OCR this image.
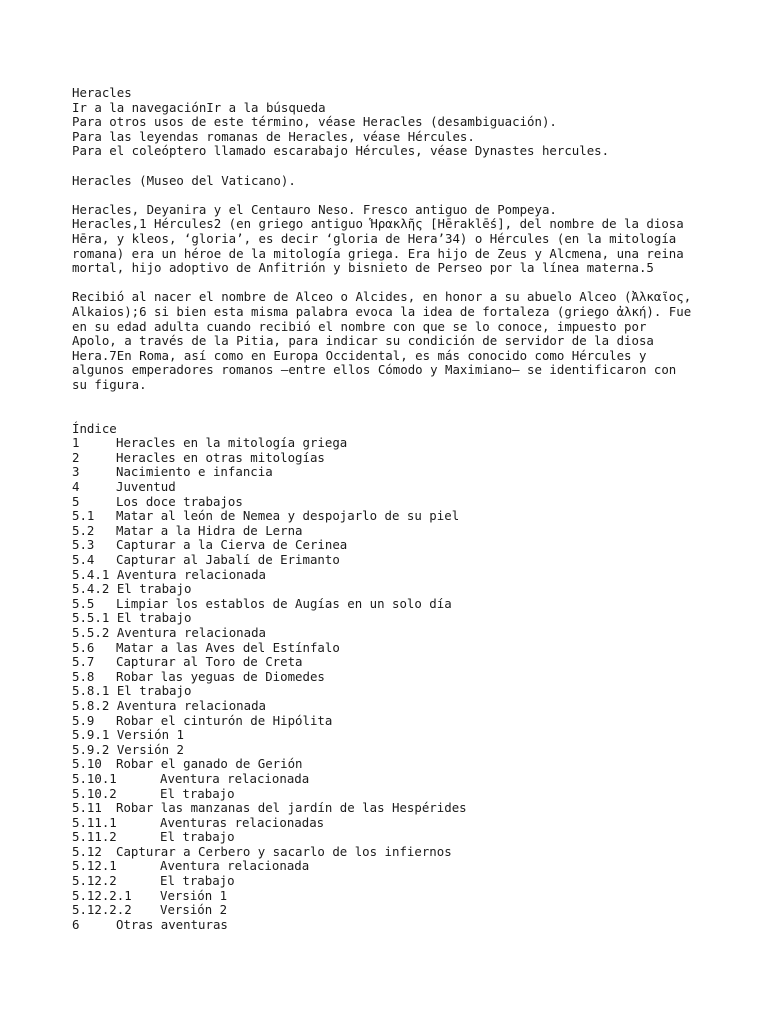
Heracles
Ir a la navegaciónIr a la búsqueda
Para otros usos de este término, véase Heracles (desambiguación).
Para las leyendas romanas de Heracles, véase Hércules.
Para el coleóptero llamado escarabajo Hércules, véase Dynastes hercules.
Heracles (Museo del Vaticano).
Heracles, Deyanira y el Centauro Neso. Fresco antiguo de Pompeya.
Heracles,1 Hércules2 (en griego antiguo Ἡρακλῆς [Hēraklḗs], del nombre de la diosa
Hēra, y kleos, ‘gloria’, es decir ‘gloria de Hera’34) o Hércules (en la mitología
romana) era un héroe de la mitología griega. Era hijo de Zeus y Alcmena, una reina
mortal, hijo adoptivo de Anfitrión y bisnieto de Perseo por la línea materna.5
Recibió al nacer el nombre de Alceo o Alcides, en honor a su abuelo Alceo (Ἀλκαῖος,
Alkaios);6 si bien esta misma palabra evoca la idea de fortaleza (griego ἀλκή). Fue
en su edad adulta cuando recibió el nombre con que se lo conoce, impuesto por
Apolo, a través de la Pitia, para indicar su condición de servidor de la diosa
Hera.7En Roma, así como en Europa Occidental, es más conocido como Hércules y
algunos emperadores romanos —entre ellos Cómodo y Maximiano— se identificaron con
su figura.
Índice
1	Heracles en la mitología griega
2	Heracles en otras mitologías
3	Nacimiento e infancia
4	Juventud
5	Los doce trabajos
5.1	Matar al león de Nemea y despojarlo de su piel
5.2	Matar a la Hidra de Lerna
5.3	Capturar a la Cierva de Cerinea
5.4	Capturar al Jabalí de Erimanto
5.4.1 Aventura relacionada
5.4.2 El trabajo
5.5	Limpiar los establos de Augías en un solo día
5.5.1 El trabajo
5.5.2 Aventura relacionada
5.6	Matar a las Aves del Estínfalo
5.7	Capturar al Toro de Creta
5.8	Robar las yeguas de Diomedes
5.8.1 El trabajo
5.8.2 Aventura relacionada
5.9	Robar el cinturón de Hipólita
5.9.1 Versión 1
5.9.2 Versión 2
5.10	Robar el ganado de Gerión
5.10.1	Aventura relacionada
5.10.2	El trabajo
5.11	Robar las manzanas del jardín de las Hespérides
5.11.1	Aventuras relacionadas
5.11.2	El trabajo
5.12	Capturar a Cerbero y sacarlo de los infiernos
5.12.1	Aventura relacionada
5.12.2	El trabajo
5.12.2.1	Versión 1
5.12.2.2	Versión 2
6	Otras aventuras
